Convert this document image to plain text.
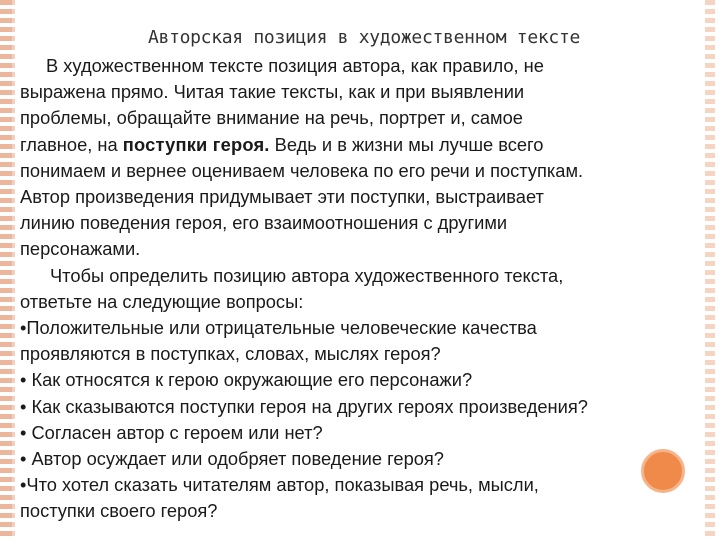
Авторская позиция в художественном тексте
В художественном тексте позиция автора, как правило, не
выражена прямо. Читая такие тексты, как и при выявлении
проблемы, обращайте внимание на речь, портрет и, самое
главное, на поступки героя. Ведь и в жизни мы лучше всего
понимаем и вернее оцениваем человека по его речи и поступкам.
Автор произведения придумывает эти поступки, выстраивает
линию поведения героя, его взаимоотношения с другими
персонажами.
Чтобы определить позицию автора художественного текста,
ответьте на следующие вопросы:
•Положительные или отрицательные человеческие качества
проявляются в поступках, словах, мыслях героя?
• Как относятся к герою окружающие его персонажи?
• Как сказываются поступки героя на других героях произведения?
• Согласен автор с героем или нет?
• Автор осуждает или одобряет поведение героя?
•Что хотел сказать читателям автор, показывая речь, мысли,
поступки своего героя?
